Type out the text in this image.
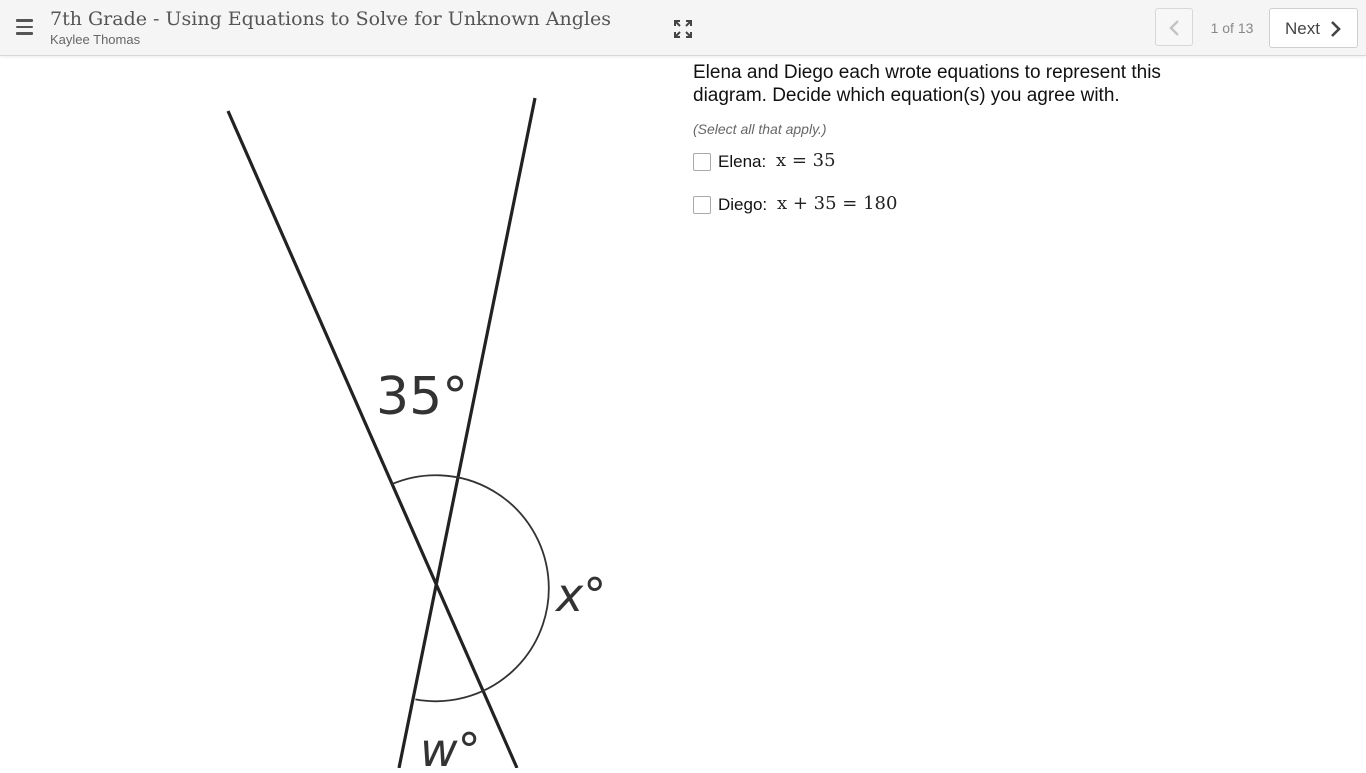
7th Grade - Using Equations to Solve for Unknown Angles
Kaylee Thomas
1 of 13 Next
35°
x°
w°
Elena and Diego each wrote equations to represent this diagram. Decide which equation(s) you agree with.
(Select all that apply.)
Elena: x = 35
Diego: x + 35 = 180
